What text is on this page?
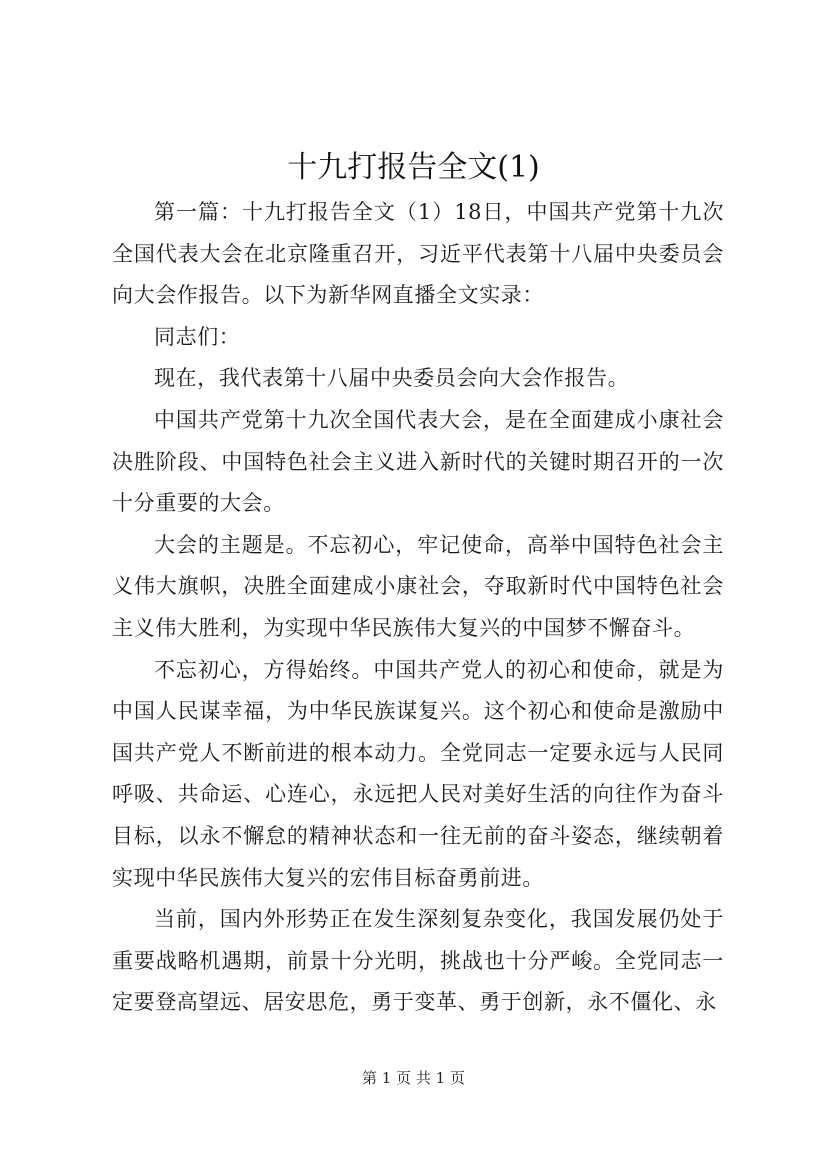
十九打报告全文(1)

第一篇：十九打报告全文（1）18日，中国共产党第十九次全国代表大会在北京隆重召开，习近平代表第十八届中央委员会向大会作报告。以下为新华网直播全文实录：

同志们：

现在，我代表第十八届中央委员会向大会作报告。

中国共产党第十九次全国代表大会，是在全面建成小康社会决胜阶段、中国特色社会主义进入新时代的关键时期召开的一次十分重要的大会。

大会的主题是。不忘初心，牢记使命，高举中国特色社会主义伟大旗帜，决胜全面建成小康社会，夺取新时代中国特色社会主义伟大胜利，为实现中华民族伟大复兴的中国梦不懈奋斗。

不忘初心，方得始终。中国共产党人的初心和使命，就是为中国人民谋幸福，为中华民族谋复兴。这个初心和使命是激励中国共产党人不断前进的根本动力。全党同志一定要永远与人民同呼吸、共命运、心连心，永远把人民对美好生活的向往作为奋斗目标，以永不懈怠的精神状态和一往无前的奋斗姿态，继续朝着实现中华民族伟大复兴的宏伟目标奋勇前进。

当前，国内外形势正在发生深刻复杂变化，我国发展仍处于重要战略机遇期，前景十分光明，挑战也十分严峻。全党同志一定要登高望远、居安思危，勇于变革、勇于创新，永不僵化、永

第 1 页 共 1 页
